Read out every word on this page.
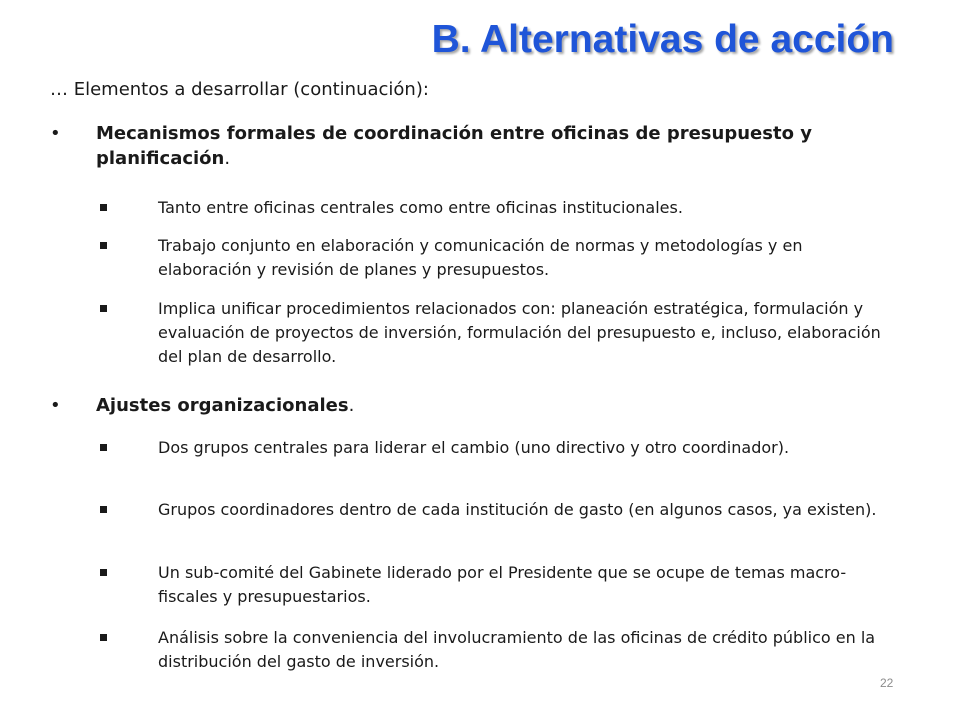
B. Alternativas de acción
… Elementos a desarrollar (continuación):
• Mecanismos formales de coordinación entre oficinas de presupuesto y planificación.
Tanto entre oficinas centrales como entre oficinas institucionales.
Trabajo conjunto en elaboración y comunicación de normas y metodologías y en elaboración y revisión de planes y presupuestos.
Implica unificar procedimientos relacionados con: planeación estratégica, formulación y evaluación de proyectos de inversión, formulación del presupuesto e, incluso, elaboración del plan de desarrollo.
• Ajustes organizacionales.
Dos grupos centrales para liderar el cambio (uno directivo y otro coordinador).
Grupos coordinadores dentro de cada institución de gasto (en algunos casos, ya existen).
Un sub-comité del Gabinete liderado por el Presidente que se ocupe de temas macro-fiscales y presupuestarios.
Análisis sobre la conveniencia del involucramiento de las oficinas de crédito público en la distribución del gasto de inversión.
22
